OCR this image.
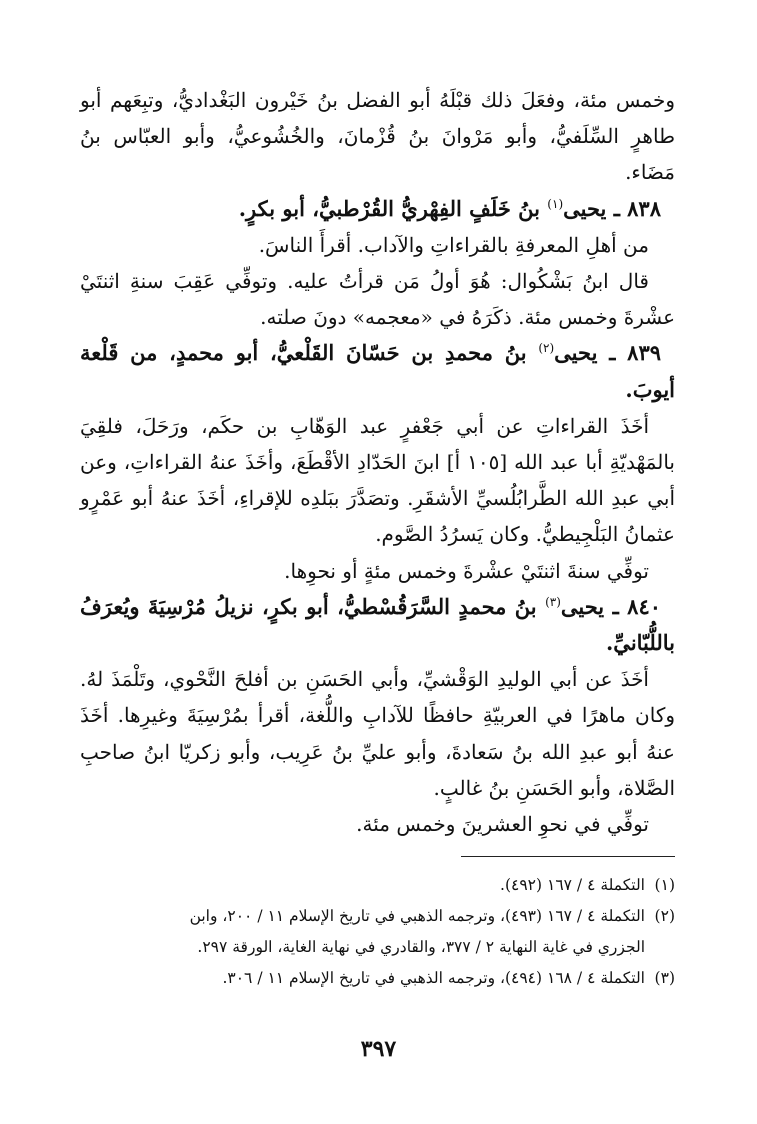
وخمس مئة، وفعَلَ ذلك قبْلَهُ أبو الفضل بنُ خَيْرون البَغْداديُّ، وتبِعَهم أبو طاهرٍ السِّلَفيُّ، وأبو مَرْوانَ بنُ قُزْمانَ، والخُشُوعيُّ، وأبو العبّاس بنُ مَضَاء.

٨٣٨ ـ يحيى$^{(١)}$ بنُ خَلَفٍ الفِهْريُّ القُرْطبيُّ، أبو بكرٍ.

من أهلِ المعرفةِ بالقراءاتِ والآداب. أقرأَ الناسَ.

قال ابنُ بَشْكُوال: هُوَ أولُ مَن قرأتُ عليه. وتوفِّي عَقِبَ سنةِ اثنتَيْ عشْرةَ وخمس مئة. ذكَرَهُ في «معجمه» دونَ صلته.

٨٣٩ ـ يحيى$^{(٢)}$ بنُ محمدِ بن حَسّانَ القَلْعيُّ، أبو محمدٍ، من قَلْعة أيوبَ.

أخَذَ القراءاتِ عن أبي جَعْفرٍ عبد الوَهّابِ بن حكَم، ورَحَلَ، فلقِيَ بالمَهْديّةِ أبا عبد الله [١٠٥ أ] ابنَ الحَدّادِ الأقْطَعَ، وأخَذَ عنهُ القراءاتِ، وعن أبي عبدِ الله الطَّرابُلُسيِّ الأشقَرِ. وتصَدَّرَ ببَلدِه للإقراءِ، أخَذَ عنهُ أبو عَمْرٍو عثمانُ البَلْجِيطيُّ. وكان يَسرُدُ الصَّوم.

توفِّي سنةَ اثنتَيْ عشْرةَ وخمس مئةٍ أو نحوِها.

٨٤٠ ـ يحيى$^{(٣)}$ بنُ محمدٍ السَّرَقُسْطيُّ، أبو بكرٍ، نزيلُ مُرْسِيَةَ ويُعرَفُ باللُّبّانيِّ.

أخَذَ عن أبي الوليدِ الوَقْشيِّ، وأبي الحَسَنِ بن أفلحَ النَّحْوي، وتَلْمَذَ لهُ. وكان ماهرًا في العربيّةِ حافظًا للآدابِ واللُّغة، أقرأ بمُرْسِيَةَ وغيرِها. أخَذَ عنهُ أبو عبدِ الله بنُ سَعادةَ، وأبو عليِّ بنُ عَرِيب، وأبو زكريّا ابنُ صاحبِ الصَّلاة، وأبو الحَسَنِ بنُ غالبٍ.

توفِّي في نحوِ العشرينَ وخمس مئة.

(١)التكملة ٤ / ١٦٧ (٤٩٢).

(٢)التكملة ٤ / ١٦٧ (٤٩٣)، وترجمه الذهبي في تاريخ الإسلام ١١ / ٢٠٠، وابن
الجزري في غاية النهاية ٢ / ٣٧٧، والقادري في نهاية الغاية، الورقة ٢٩٧.

(٣)التكملة ٤ / ١٦٨ (٤٩٤)، وترجمه الذهبي في تاريخ الإسلام ١١ / ٣٠٦.

٣٩٧
